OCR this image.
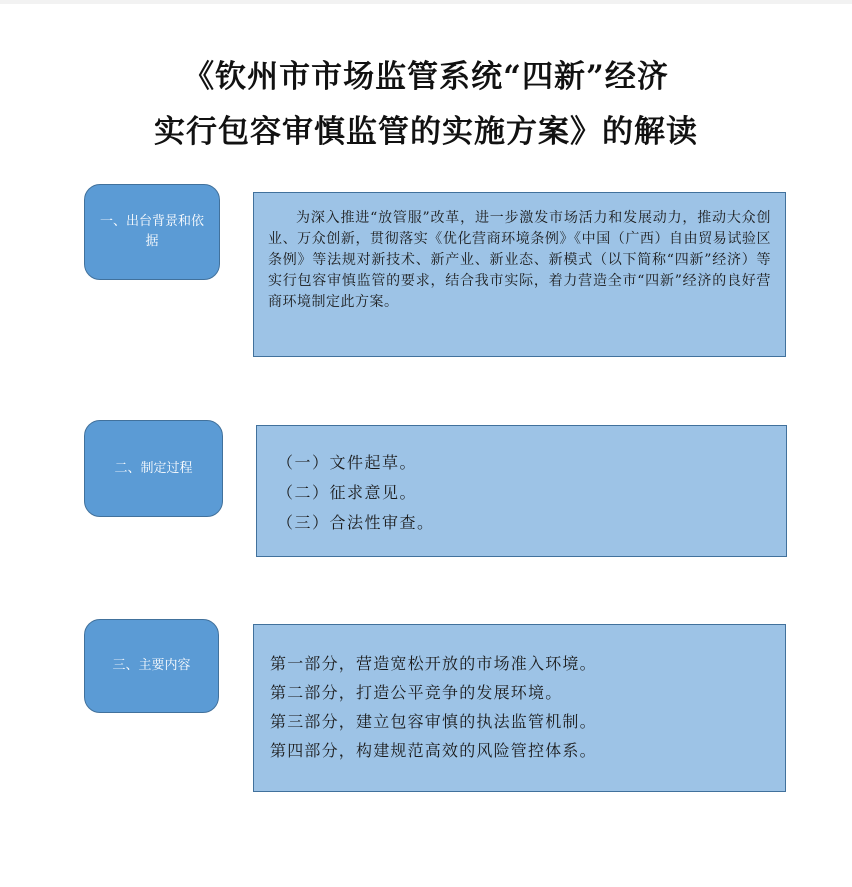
《钦州市市场监管系统“四新”经济
实行包容审慎监管的实施方案》的解读
一、出台背景和依据
为深入推进“放管服”改革，进一步激发市场活力和发展动力，推动大众创业、万众创新，贯彻落实《优化营商环境条例》《中国（广西）自由贸易试验区条例》等法规对新技术、新产业、新业态、新模式（以下简称“四新”经济）等实行包容审慎监管的要求，结合我市实际，着力营造全市“四新”经济的良好营商环境制定此方案。
二、制定过程	（一）文件起草。
（二）征求意见。
（三）合法性审查。
三、主要内容	第一部分，营造宽松开放的市场准入环境。
第二部分，打造公平竞争的发展环境。
第三部分，建立包容审慎的执法监管机制。
第四部分，构建规范高效的风险管控体系。
